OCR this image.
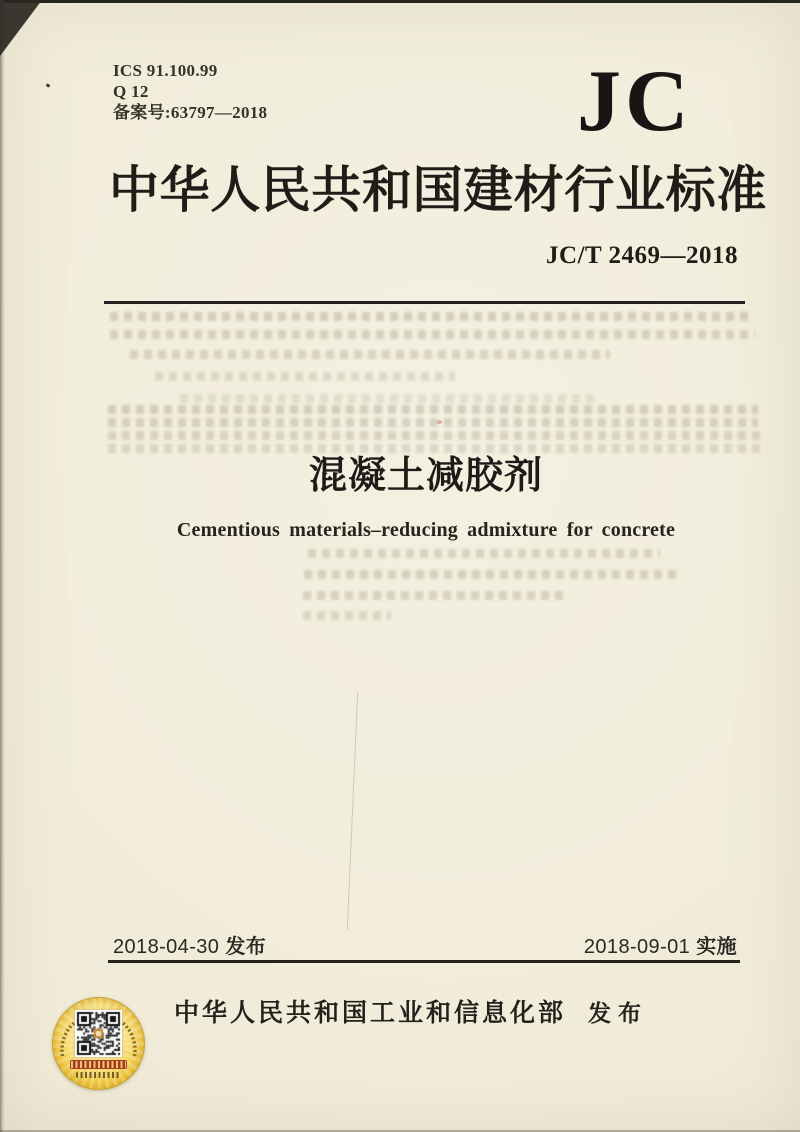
ICS 91.100.99
Q 12
备案号:63797—2018	JC
中华人民共和国建材行业标准
JC/T 2469—2018
混凝土减胶剂
Cementious materials–reducing admixture for concrete
2018-04-30 发布	2018-09-01 实施
中华人民共和国工业和信息化部 发布
